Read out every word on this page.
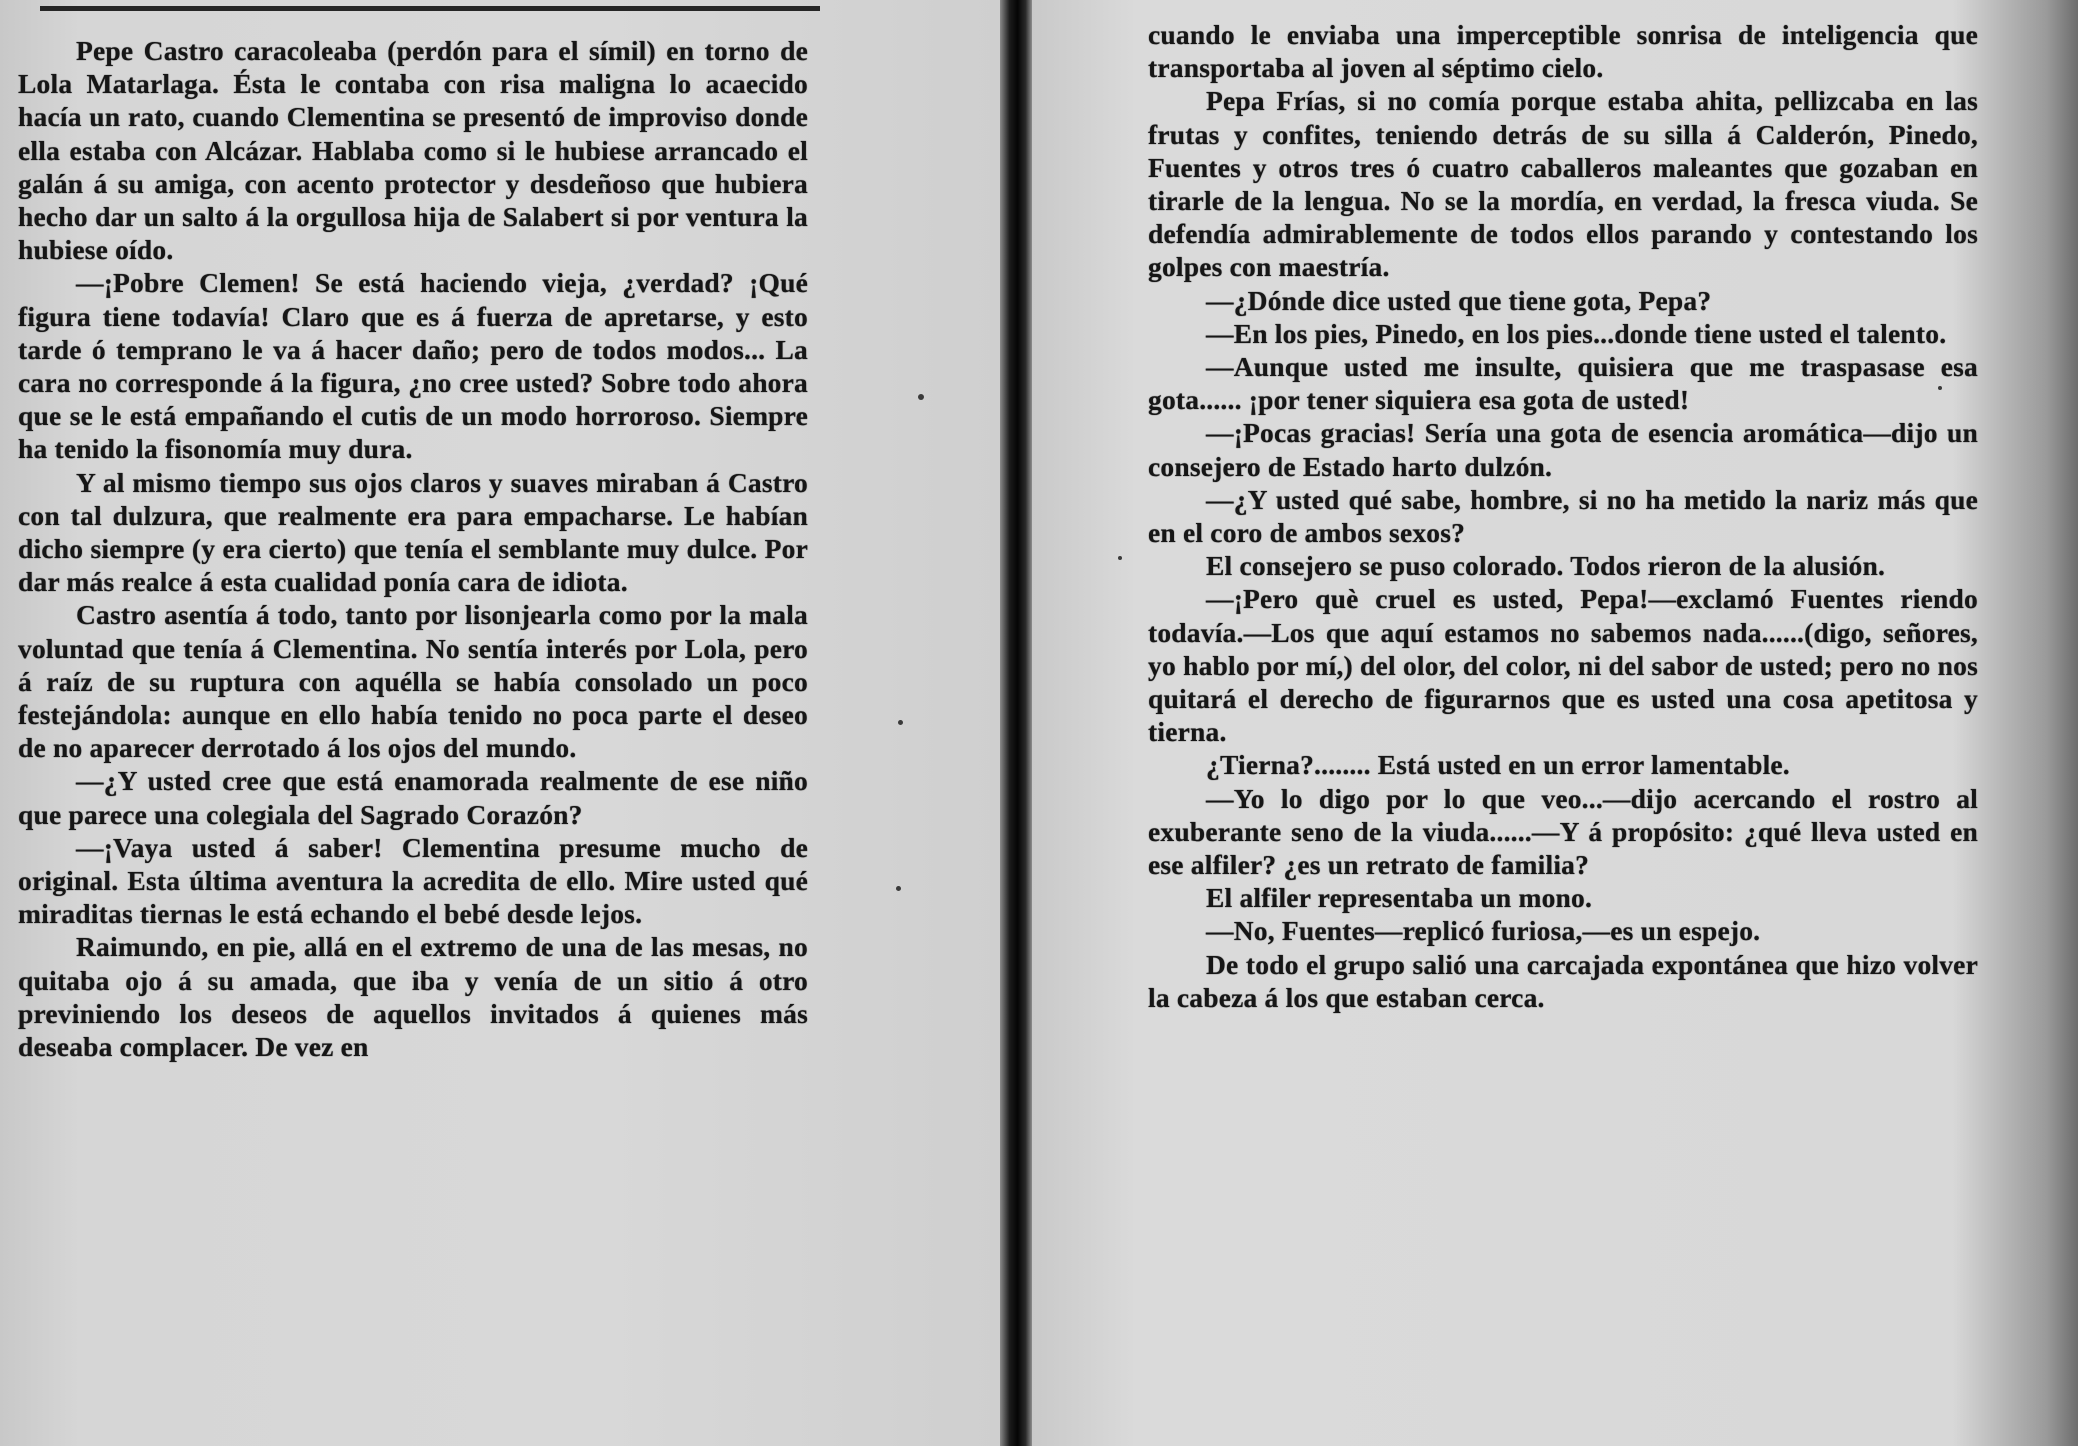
Pepe Castro caracoleaba (perdón para el símil) en torno de Lola Matarlaga. Ésta le contaba con risa maligna lo acaecido hacía un rato, cuando Clementina se presentó de improviso donde ella estaba con Alcázar. Hablaba como si le hubiese arrancado el galán á su amiga, con acento protector y desdeñoso que hubiera hecho dar un salto á la orgullosa hija de Salabert si por ventura la hubiese oído.

—¡Pobre Clemen! Se está haciendo vieja, ¿verdad? ¡Qué figura tiene todavía! Claro que es á fuerza de apretarse, y esto tarde ó temprano le va á hacer daño; pero de todos modos... La cara no corresponde á la figura, ¿no cree usted? Sobre todo ahora que se le está empañando el cutis de un modo horroroso. Siempre ha tenido la fisonomía muy dura.

Y al mismo tiempo sus ojos claros y suaves miraban á Castro con tal dulzura, que realmente era para empacharse. Le habían dicho siempre (y era cierto) que tenía el semblante muy dulce. Por dar más realce á esta cualidad ponía cara de idiota.

Castro asentía á todo, tanto por lisonjearla como por la mala voluntad que tenía á Clementina. No sentía interés por Lola, pero á raíz de su ruptura con aquélla se había consolado un poco festejándola: aunque en ello había tenido no poca parte el deseo de no aparecer derrotado á los ojos del mundo.

—¿Y usted cree que está enamorada realmente de ese niño que parece una colegiala del Sagrado Corazón?

—¡Vaya usted á saber! Clementina presume mucho de original. Esta última aventura la acredita de ello. Mire usted qué miraditas tiernas le está echando el bebé desde lejos.

Raimundo, en pie, allá en el extremo de una de las mesas, no quitaba ojo á su amada, que iba y venía de un sitio á otro previniendo los deseos de aquellos invitados á quienes más deseaba complacer. De vez en

cuando le enviaba una imperceptible sonrisa de inteligencia que transportaba al joven al séptimo cielo.

Pepa Frías, si no comía porque estaba ahita, pellizcaba en las frutas y confites, teniendo detrás de su silla á Calderón, Pinedo, Fuentes y otros tres ó cuatro caballeros maleantes que gozaban en tirarle de la lengua. No se la mordía, en verdad, la fresca viuda. Se defendía admirablemente de todos ellos parando y contestando los golpes con maestría.

—¿Dónde dice usted que tiene gota, Pepa?

—En los pies, Pinedo, en los pies...donde tiene usted el talento.

—Aunque usted me insulte, quisiera que me traspasase esa gota...... ¡por tener siquiera esa gota de usted!

—¡Pocas gracias! Sería una gota de esencia aromática—dijo un consejero de Estado harto dulzón.

—¿Y usted qué sabe, hombre, si no ha metido la nariz más que en el coro de ambos sexos?

El consejero se puso colorado. Todos rieron de la alusión.

—¡Pero què cruel es usted, Pepa!—exclamó Fuentes riendo todavía.—Los que aquí estamos no sabemos nada......(digo, señores, yo hablo por mí,) del olor, del color, ni del sabor de usted; pero no nos quitará el derecho de figurarnos que es usted una cosa apetitosa y tierna.

¿Tierna?........ Está usted en un error lamentable.

—Yo lo digo por lo que veo...—dijo acercando el rostro al exuberante seno de la viuda......—Y á propósito: ¿qué lleva usted en ese alfiler? ¿es un retrato de familia?

El alfiler representaba un mono.

—No, Fuentes—replicó furiosa,—es un espejo.

De todo el grupo salió una carcajada expontánea que hizo volver la cabeza á los que estaban cerca.
